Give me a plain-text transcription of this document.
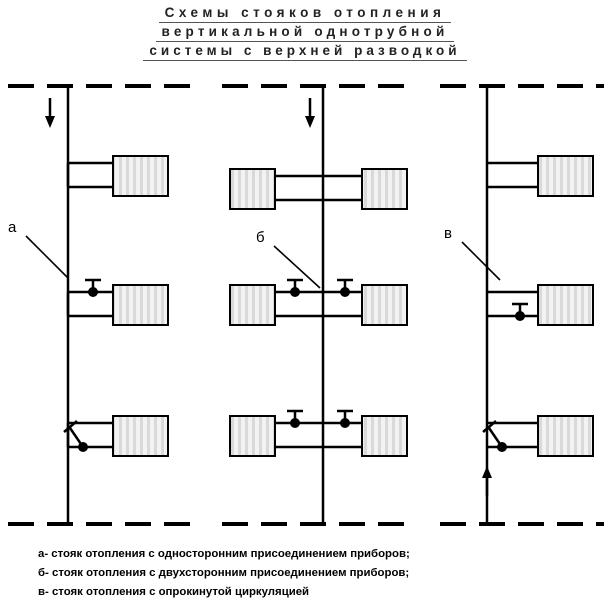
Схемы стояков отопления
вертикальной однотрубной
системы с верхней разводкой
а
б	в
а- стояк отопления с односторонним присоединением приборов;
б- стояк отопления с двухсторонним присоединением приборов;
в- стояк отопления с опрокинутой циркуляцией
